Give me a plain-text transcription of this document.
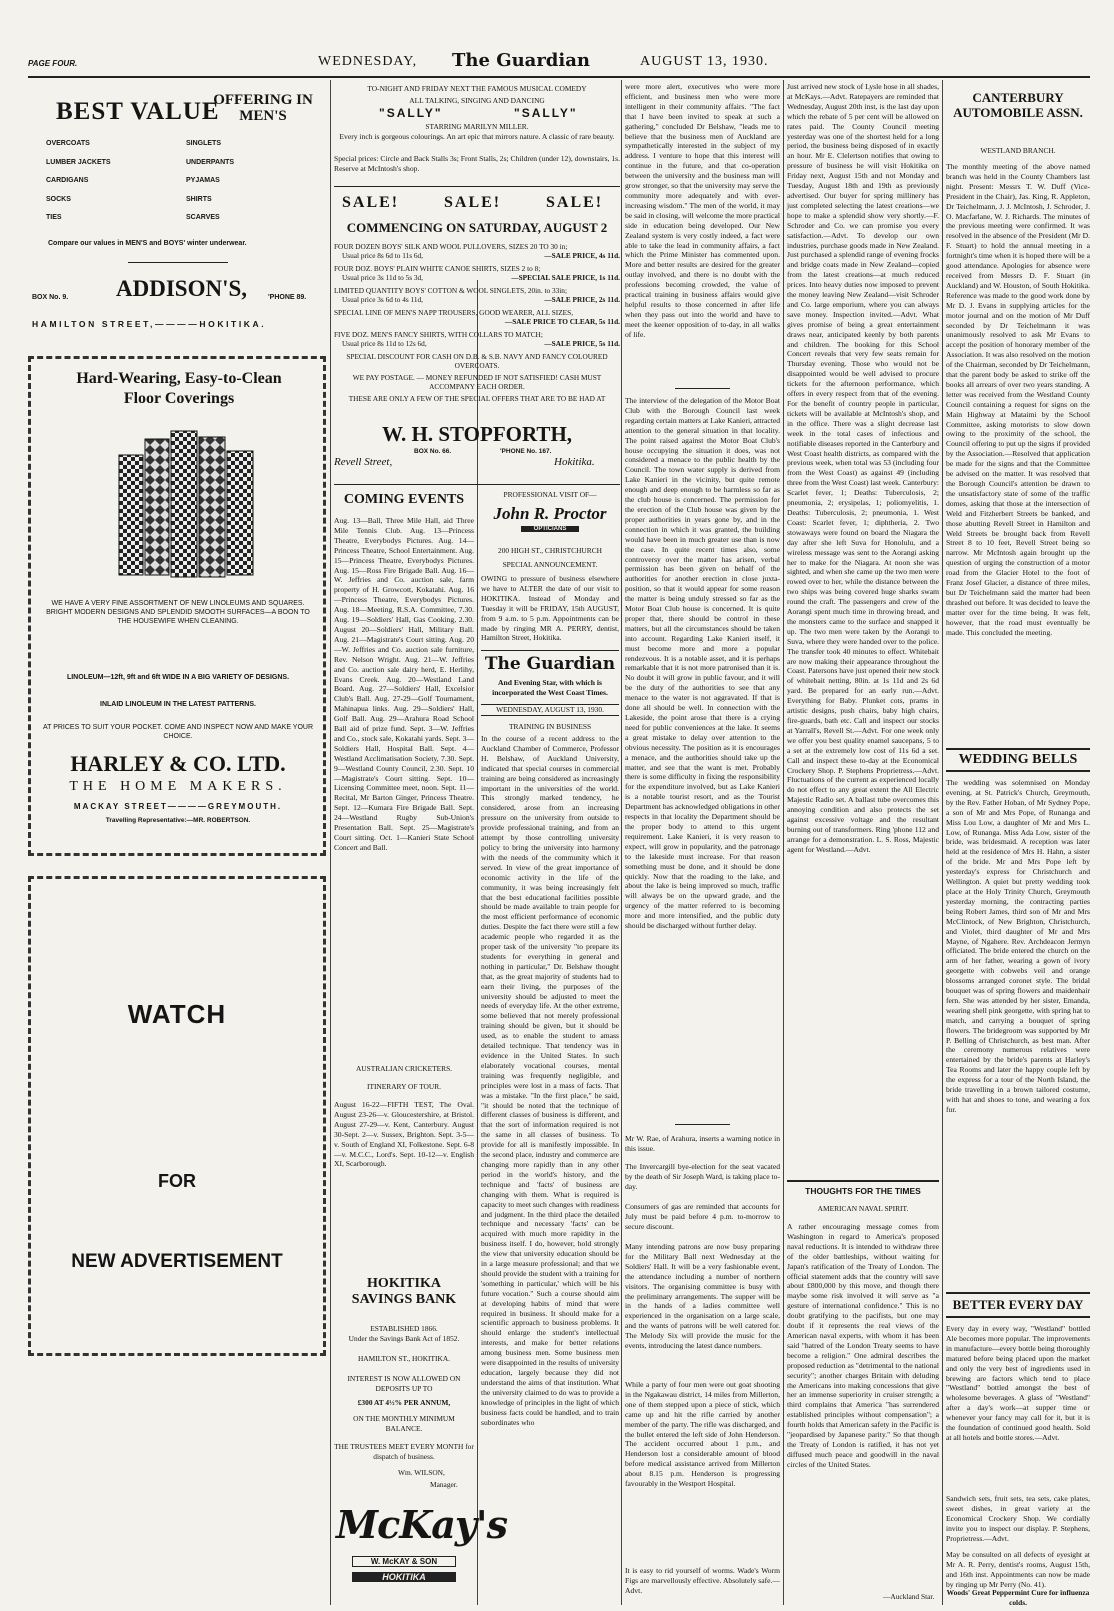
PAGE FOUR.	WEDNESDAY, The Guardian	AUGUST 13, 1930.
BEST VALUE
OFFERING IN MEN'S
OVERCOATS
LUMBER JACKETS
CARDIGANS
SOCKS
TIES
SINGLETS
UNDERPANTS
PYJAMAS
SHIRTS
SCARVES
Compare our values in MEN'S and BOYS' winter underwear.
BOX No. 9. ADDISON'S,	'PHONE 89.
HAMILTON STREET,————HOKITIKA.
Hard-Wearing, Easy-to-Clean Floor Coverings
WE HAVE A VERY FINE ASSORTMENT OF NEW LINOLEUMS AND SQUARES. BRIGHT MODERN DESIGNS AND SPLENDID SMOOTH SURFACES—A BOON TO THE HOUSEWIFE WHEN CLEANING.
LINOLEUM—12ft, 9ft and 6ft WIDE IN A BIG VARIETY OF DESIGNS.
INLAID LINOLEUM IN THE LATEST PATTERNS.
AT PRICES TO SUIT YOUR POCKET. COME AND INSPECT NOW AND MAKE YOUR CHOICE.
HARLEY & CO. LTD.
THE HOME MAKERS.
MACKAY STREET————GREYMOUTH.
Travelling Representative:—MR. ROBERTSON.
WATCH
FOR
NEW ADVERTISEMENT
TO-NIGHT AND FRIDAY NEXT THE FAMOUS MUSICAL COMEDY
ALL TALKING, SINGING AND DANCING
"SALLY"	"SALLY"
STARRING MARILYN MILLER.
Every inch is gorgeous colourings. An art epic that mirrors nature. A classic of rare beauty.
Special prices: Circle and Back Stalls 3s; Front Stalls, 2s; Children (under 12), downstairs, 1s. Reserve at McIntosh's shop.
SALE!	SALE!	SALE!
COMMENCING ON SATURDAY, AUGUST 2
FOUR DOZEN BOYS' SILK AND WOOL PULLOVERS, SIZES 20 TO 30 in;
Usual price 8s 6d to 11s 6d,	—SALE PRICE, 4s 11d.
FOUR DOZ. BOYS' PLAIN WHITE CANOE SHIRTS, SIZES 2 to 8;
Usual price 3s 11d to 5s 3d,	—SPECIAL SALE PRICE, 1s 11d.
LIMITED QUANTITY BOYS' COTTON & WOOL SINGLETS, 20in. to 33in;
Usual price 3s 6d to 4s 11d,	—SALE PRICE, 2s 11d.
SPECIAL LINE OF MEN'S NAPP TROUSERS, GOOD WEARER, ALL SIZES,
—SALE PRICE TO CLEAR, 5s 11d.
FIVE DOZ. MEN'S FANCY SHIRTS, WITH COLLARS TO MATCH;
Usual price 8s 11d to 12s 6d,	—SALE PRICE, 5s 11d.
SPECIAL DISCOUNT FOR CASH ON D.B. & S.B. NAVY AND FANCY COLOURED OVERCOATS.
WE PAY POSTAGE. — MONEY REFUNDED IF NOT SATISFIED! CASH MUST ACCOMPANY EACH ORDER.
THESE ARE ONLY A FEW OF THE SPECIAL OFFERS THAT ARE TO BE HAD AT
W. H. STOPFORTH,
BOX No. 66.	'PHONE No. 167.
Revell Street,	Hokitika.
COMING EVENTS
Aug. 13—Ball, Three Mile Hall, aid Three Mile Tennis Club. Aug. 13—Princess Theatre, Everybodys Pictures. Aug. 14—Princess Theatre, School Entertainment. Aug. 15—Princess Theatre, Everybodys Pictures. Aug. 15—Ross Fire Brigade Ball. Aug. 16—W. Jeffries and Co. auction sale, farm property of H. Growcott, Kokatahi. Aug. 16—Princess Theatre, Everybodys Pictures. Aug. 18—Meeting, R.S.A. Committee, 7.30. Aug. 19—Soldiers' Hall, Gas Cooking, 2.30. August 20—Soldiers' Hall, Military Ball. Aug. 21—Magistrate's Court sitting. Aug. 20—W. Jeffries and Co. auction sale furniture, Rev. Nelson Wright. Aug. 21—W. Jeffries and Co. auction sale dairy herd, E. Herlihy, Evans Creek. Aug. 20—Westland Land Board. Aug. 27—Soldiers' Hall, Excelsior Club's Ball. Aug. 27-29—Golf Tournament, Mahinapua links. Aug. 29—Soldiers' Hall, Golf Ball. Aug. 29—Arahura Road School Ball aid of prize fund. Sept. 3—W. Jeffries and Co., stock sale, Kokatahi yards. Sept. 3—Soldiers Hall, Hospital Ball. Sept. 4—Westland Acclimatisation Society, 7.30. Sept. 9—Westland County Council, 2.30. Sept. 10—Magistrate's Court sitting. Sept. 10—Licensing Committee meet, noon. Sept. 11—Recital, Mr Barton Ginger, Princess Theatre. Sept. 12—Kumara Fire Brigade Ball. Sept. 24—Westland Rugby Sub-Union's Presentation Ball. Sept. 25—Magistrate's Court sitting. Oct. 1—Kanieri State School Concert and Ball.
AUSTRALIAN CRICKETERS.
ITINERARY OF TOUR.
August 16-22—FIFTH TEST, The Oval. August 23-26—v. Gloucestershire, at Bristol. August 27-29—v. Kent, Canterbury. August 30-Sept. 2—v. Sussex, Brighton. Sept. 3-5—v. South of England XI, Folkestone. Sept. 6-8—v. M.C.C., Lord's. Sept. 10-12—v. English XI, Scarborough.
PROFESSIONAL VISIT OF—
John R. Proctor
OPTICIANS
200 HIGH ST., CHRISTCHURCH
SPECIAL ANNOUNCEMENT.
OWING to pressure of business elsewhere we have to ALTER the date of our visit to HOKITIKA. Instead of Monday and Tuesday it will be FRIDAY, 15th AUGUST, from 9 a.m. to 5 p.m. Appointments can be made by ringing MR A. PERRY, dentist, Hamilton Street, Hokitika.
The Guardian
And Evening Star, with which is incorporated the West Coast Times.
WEDNESDAY, AUGUST 13, 1930.
TRAINING IN BUSINESS
In the course of a recent address to the Auckland Chamber of Commerce, Professor H. Belshaw, of Auckland University, indicated that special courses in commercial training are being considered as increasingly important in the universities of the world. This strongly marked tendency, he considered, arose from an increasing pressure on the university from outside to provide professional training, and from an attempt by those controlling university policy to bring the university into harmony with the needs of the community which it served. In view of the great importance of economic activity in the life of the community, it was being increasingly felt that the best educational facilities possible should be made available to train people for the most efficient performance of economic duties. Despite the fact there were still a few academic people who regarded it as the proper task of the university "to prepare its students for everything in general and nothing in particular," Dr. Belshaw thought that, as the great majority of students had to earn their living, the purposes of the university should be adjusted to meet the needs of everyday life. At the other extreme, some believed that not merely professional training should be given, but it should be used, as to enable the student to amass detailed technique. That tendency was in evidence in the United States. In such elaborately vocational courses, mental training was frequently negligible, and principles were lost in a mass of facts. That was a mistake. "In the first place," he said, "it should be noted that the technique of different classes of business is different, and that the sort of information required is not the same in all classes of business. To provide for all is manifestly impossible. In the second place, industry and commerce are changing more rapidly than in any other period in the world's history, and the technique and 'facts' of business are changing with them. What is required is capacity to meet such changes with readiness and judgment. In the third place the detailed technique and necessary 'facts' can be acquired with much more rapidity in the business itself. I do, however, hold strongly the view that university education should be in a large measure professional; and that we should provide the student with a training for 'something in particular,' which will be his future vocation." Such a course should aim at developing habits of mind that were required in business. It should make for a scientific approach to business problems. It should enlarge the student's intellectual interests, and make for better relations among business men. Some business men were disappointed in the results of university education, largely because they did not understand the aims of that institution. What the university claimed to do was to provide a knowledge of principles in the light of which business facts could be handled, and to train subordinates who
HOKITIKA
SAVINGS BANK
ESTABLISHED 1866.
Under the Savings Bank Act of 1852.
HAMILTON ST., HOKITIKA.
INTEREST IS NOW ALLOWED ON DEPOSITS UP TO
£300 AT 4½% PER ANNUM,
ON THE MONTHLY MINIMUM BALANCE.
THE TRUSTEES MEET EVERY MONTH for dispatch of business.
Wm. WILSON,
Manager.
McKay's
W. McKAY & SON
HOKITIKA
were more alert, executives who were more efficient, and business men who were more intelligent in their community affairs. "The fact that I have been invited to speak at such a gathering," concluded Dr Belshaw, "leads me to believe that the business men of Auckland are sympathetically interested in the subject of my address. I venture to hope that this interest will continue in the future, and that co-operation between the university and the business man will grow stronger, so that the university may serve the community more adequately and with ever-increasing wisdom." The men of the world, it may be said in closing, will welcome the more practical side in education being developed. Our New Zealand system is very costly indeed, a fact were able to take the lead in community affairs, a fact which the Prime Minister has commented upon. More and better results are desired for the greater outlay involved, and there is no doubt with the professions becoming crowded, the value of practical training in business affairs would give helpful results to those concerned in after life when they pass out into the world and have to meet the keener opposition of to-day, in all walks of life.
The interview of the delegation of the Motor Boat Club with the Borough Council last week regarding certain matters at Lake Kanieri, attracted attention to the general situation in that locality. The point raised against the Motor Boat Club's house occupying the situation it does, was not considered a menace to the public health by the Council. The town water supply is derived from Lake Kanieri in the vicinity, but quite remote enough and deep enough to be harmless so far as the club house is concerned. The permission for the erection of the Club house was given by the proper authorities in years gone by, and in the connection in which it was granted, the building would have been in much greater use than is now the case. In quite recent times also, some controversy over the matter has arisen, verbal permission has been given on behalf of the authorities for another erection in close juxta-position, so that it would appear for some reason the matter is being unduly stressed so far as the Motor Boat Club house is concerned. It is quite proper that, there should be control in these matters, but all the circumstances should be taken into account. Regarding Lake Kanieri itself, it must become more and more a popular rendezvous. It is a notable asset, and it is perhaps remarkable that it is not more patronised than it is. No doubt it will grow in public favour, and it will be the duty of the authorities to see that any menace to the water is not aggravated. If that is done all should be well. In connection with the Lakeside, the point arose that there is a crying need for public conveniences at the lake. It seems a great mistake to delay over attention to the obvious necessity. The position as it is encourages a menace, and the authorities should take up the matter, and see that the want is met. Probably there is some difficulty in fixing the responsibility for the expenditure involved, but as Lake Kanieri is a notable tourist resort, and as the Tourist Department has acknowledged obligations in other respects in that locality the Department should be the proper body to attend to this urgent requirement. Lake Kanieri, it is very reason to expect, will grow in popularity, and the patronage to the lakeside must increase. For that reason something must be done, and it should be done quickly. Now that the roading to the lake, and about the lake is being improved so much, traffic will always be on the upward grade, and the urgency of the matter referred to is becoming more and more intensified, and the public duty should be discharged without further delay.
Mr W. Rae, of Arahura, inserts a warning notice in this issue.
The Invercargill bye-election for the seat vacated by the death of Sir Joseph Ward, is taking place to-day.
Consumers of gas are reminded that accounts for July must be paid before 4 p.m. to-morrow to secure discount.
Many intending patrons are now busy preparing for the Military Ball next Wednesday at the Soldiers' Hall. It will be a very fashionable event, the attendance including a number of northern visitors. The organising committee is busy with the preliminary arrangements. The supper will be in the hands of a ladies committee well experienced in the organisation on a large scale, and the wants of patrons will be well catered for. The Melody Six will provide the music for the events, introducing the latest dance numbers.
While a party of four men were out goat shooting in the Ngakawau district, 14 miles from Millerton, one of them stepped upon a piece of stick, which came up and hit the rifle carried by another member of the party. The rifle was discharged, and the bullet entered the left side of John Henderson. The accident occurred about 1 p.m., and Henderson lost a considerable amount of blood before medical assistance arrived from Millerton about 8.15 p.m. Henderson is progressing favourably in the Westport Hospital.
It is easy to rid yourself of worms. Wade's Worm Figs are marvellously effective. Absolutely safe.—Advt.
Just arrived new stock of Lysle hose in all shades, at McKays.—Advt. Ratepayers are reminded that Wednesday, August 20th inst, is the last day upon which the rebate of 5 per cent will be allowed on rates paid. The County Council meeting yesterday was one of the shortest held for a long period, the business being disposed of in exactly an hour. Mr E. Clelertson notifies that owing to pressure of business he will visit Hokitika on Friday next, August 15th and not Monday and Tuesday, August 18th and 19th as previously advertised. Our buyer for spring millinery has just completed selecting the latest creations—we hope to make a splendid show very shortly.—F. Schroder and Co. we can promise you every satisfaction.—Advt. To develop our own industries, purchase goods made in New Zealand. Just purchased a splendid range of evening frocks and bridge coats made in New Zealand—copied from the latest creations—at much reduced prices. Into heavy duties now imposed to prevent the money leaving New Zealand—visit Schroder and Co. large emporium, where you can always save money. Inspection invited.—Advt. What gives promise of being a great entertainment draws near, anticipated keenly by both parents and children. The booking for this School Concert reveals that very few seats remain for Thursday evening. Those who would not be disappointed would be well advised to procure tickets for the afternoon performance, which offers in every respect from that of the evening. For the benefit of country people in particular, tickets will be available at McIntosh's shop, and in the office. There was a slight decrease last week in the total cases of infectious and notifiable diseases reported in the Canterbury and West Coast health districts, as compared with the previous week, when total was 53 (including four from the West Coast) as against 49 (including three from the West Coast) last week. Canterbury: Scarlet fever, 1; Deaths: Tuberculosis, 2; pneumonia, 2; erysipelas, 1; poliomyelitis, 1. Deaths: Tuberculosis, 2; pneumonia, 1. West Coast: Scarlet fever, 1; diphtheria, 2. Two stowaways were found on board the Niagara the day after she left Suva for Honolulu, and a wireless message was sent to the Aorangi asking her to make for the Niagara. At noon she was sighted, and when she came up the two men were rowed over to her, while the distance between the two ships was being covered huge sharks swam round the craft. The passengers and crew of the Aorangi spent much time in throwing bread, and the monsters came to the surface and snapped it up. The two men were taken by the Aorangi to Suva, where they were handed over to the police. The transfer took 40 minutes to effect. Whitebait are now making their appearance throughout the Coast. Patersons have just opened their new stock of whitebait netting, 80in. at 1s 11d and 2s 6d yard. Be prepared for an early run.—Advt. Everything for Baby. Plunket cots, prams in artistic designs, push chairs, baby high chairs, fire-guards, bath etc. Call and inspect our stocks at Yarrall's, Revell St.—Advt. For one week only we offer you best quality enamel saucepans, 5 to a set at the extremely low cost of 11s 6d a set. Call and inspect these to-day at the Economical Crockery Shop. P. Stephens Proprietress.—Advt. Fluctuations of the current as experienced locally do not effect to any great extent the All Electric Majestic Radio set. A ballast tube overcomes this annoying condition and also protects the set against excessive voltage and the resultant burning out of transformers. Ring 'phone 112 and arrange for a demonstration. L. S. Ross, Majestic agent for Westland.—Advt.
THOUGHTS FOR THE TIMES
AMERICAN NAVAL SPIRIT.
A rather encouraging message comes from Washington in regard to America's proposed naval reductions. It is intended to withdraw three of the older battleships, without waiting for Japan's ratification of the Treaty of London. The official statement adds that the country will save about £800,000 by this move, and though there maybe some risk involved it will serve as "a gesture of international confidence." This is no doubt gratifying to the pacifists, but one may doubt if it represents the real views of the American naval experts, with whom it has been said "hatred of the London Treaty seems to have become a religion." One admiral describes the proposed reduction as "detrimental to the national security"; another charges Britain with deluding the Americans into making concessions that give her an immense superiority in cruiser strength; a third complains that America "has surrendered established principles without compensation"; a fourth holds that American safety in the Pacific is "jeopardised by Japanese parity." So that though the Treaty of London is ratified, it has not yet diffused much peace and goodwill in the naval circles of the United States.
—Auckland Star.
CANTERBURY AUTOMOBILE ASSN.
WESTLAND BRANCH.
The monthly meeting of the above named branch was held in the County Chambers last night. Present: Messrs T. W. Duff (Vice-President in the Chair), Jas. King, R. Appleton, Dr Teichelmann, J. J. McIntosh, J. Schroder, J. O. Macfarlane, W. J. Richards. The minutes of the previous meeting were confirmed. It was resolved in the absence of the President (Mr D. F. Stuart) to hold the annual meeting in a fortnight's time when it is hoped there will be a good attendance. Apologies for absence were received from Messrs D. F. Stuart (in Auckland) and W. Houston, of South Hokitika. Reference was made to the good work done by Mr D. J. Evans in supplying articles for the motor journal and on the motion of Mr Duff seconded by Dr Teichelmann it was unanimously resolved to ask Mr Evans to accept the position of honorary member of the Association. It was also resolved on the motion of the Chairman, seconded by Dr Teichelmann, that the parent body be asked to strike off the books all arrears of over two years standing. A letter was received from the Westland County Council containing a request for signs on the Main Highway at Mataimi by the School Committee, asking motorists to slow down owing to the proximity of the school, the Council offering to put up the signs if provided by the Association.—Resolved that application be made for the signs and that the Committee be advised on the matter. It was resolved that the Borough Council's attention be drawn to the unsatisfactory state of some of the traffic domes, asking that those at the intersection of Weld and Fitzherbert Streets be banked, and those abutting Revell Street in Hamilton and Weld Streets be brought back from Revell Street 8 to 10 feet, Revell Street being so narrow. Mr McIntosh again brought up the question of urging the construction of a motor road from the Glacier Hotel to the foot of Franz Josef Glacier, a distance of three miles, but Dr Teichelmann said the matter had been thrashed out before. It was decided to leave the matter over for the time being. It was felt, however, that the road must eventually be made. This concluded the meeting.
WEDDING BELLS
The wedding was solemnised on Monday evening, at St. Patrick's Church, Greymouth, by the Rev. Father Hoban, of Mr Sydney Pope, a son of Mr and Mrs Pope, of Runanga and Miss Lou Low, a daughter of Mr and Mrs L. Low, of Runanga. Miss Ada Low, sister of the bride, was bridesmaid. A reception was later held at the residence of Mrs H. Hahn, a sister of the bride. Mr and Mrs Pope left by yesterday's express for Christchurch and Wellington. A quiet but pretty wedding took place at the Holy Trinity Church, Greymouth yesterday morning, the contracting parties being Robert James, third son of Mr and Mrs McClintock, of New Brighton, Christchurch, and Violet, third daughter of Mr and Mrs Mayne, of Ngahere. Rev. Archdeacon Jermyn officiated. The bride entered the church on the arm of her father, wearing a gown of ivory georgette with cobwebs veil and orange blossoms arranged coronet style. The bridal bouquet was of spring flowers and maidenhair fern. She was attended by her sister, Emanda, wearing shell pink georgette, with spring hat to match, and carrying a bouquet of spring flowers. The bridegroom was supported by Mr P. Belling of Christchurch, as best man. After the ceremony numerous relatives were entertained by the bride's parents at Harley's Tea Rooms and later the happy couple left by the express for a tour of the North Island, the bride travelling in a brown tailored costume, with hat and shoes to tone, and wearing a fox fur.
BETTER EVERY DAY
Every day in every way, "Westland" bottled Ale becomes more popular. The improvements in manufacture—every bottle being thoroughly matured before being placed upon the market and only the very best of ingredients used in brewing are factors which tend to place "Westland" bottled amongst the best of wholesome beverages. A glass of "Westland" after a day's work—at supper time or whenever your fancy may call for it, but it is the foundation of continued good health. Sold at all hotels and bottle stores.—Advt.
Sandwich sets, fruit sets, tea sets, cake plates, sweet dishes, in great variety at the Economical Crockery Shop. We cordially invite you to inspect our display. P. Stephens, Proprietress.—Advt.
May be consulted on all defects of eyesight at Mr A. R. Perry, dentist's rooms, August 15th, and 16th inst. Appointments can now be made by ringing up Mr Perry (No. 41).
Woods' Great Peppermint Cure for influenza colds.
